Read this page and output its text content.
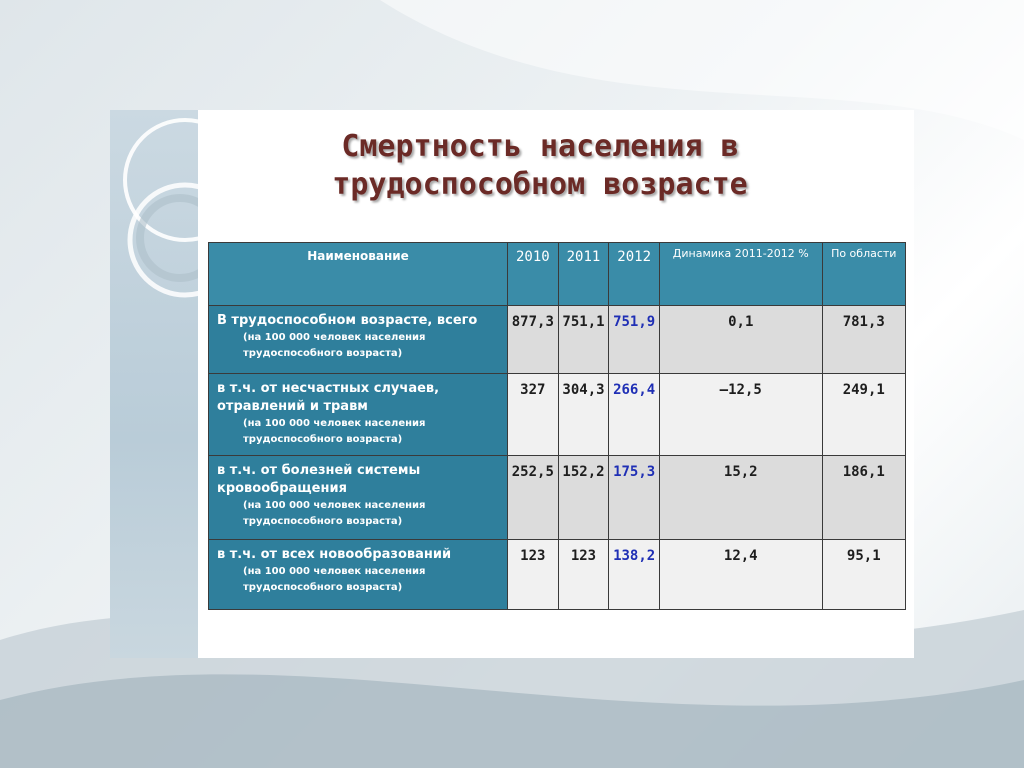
Смертность населения в трудоспособном возрасте
Наименование	2010	2011	2012	Динамика 2011-2012 %	По области

В трудоспособном возрасте, всего
(на 100 000 человек населения трудоспособного возраста)	877,3	751,1	751,9	0,1	781,3

в т.ч. от несчастных случаев, отравлений и травм
(на 100 000 человек населения трудоспособного возраста)	327	304,3	266,4	–12,5	249,1

в т.ч. от болезней системы кровообращения
(на 100 000 человек населения трудоспособного возраста)	252,5	152,2	175,3	15,2	186,1

в т.ч. от всех новообразований
(на 100 000 человек населения трудоспособного возраста)	123	123	138,2	12,4	95,1
